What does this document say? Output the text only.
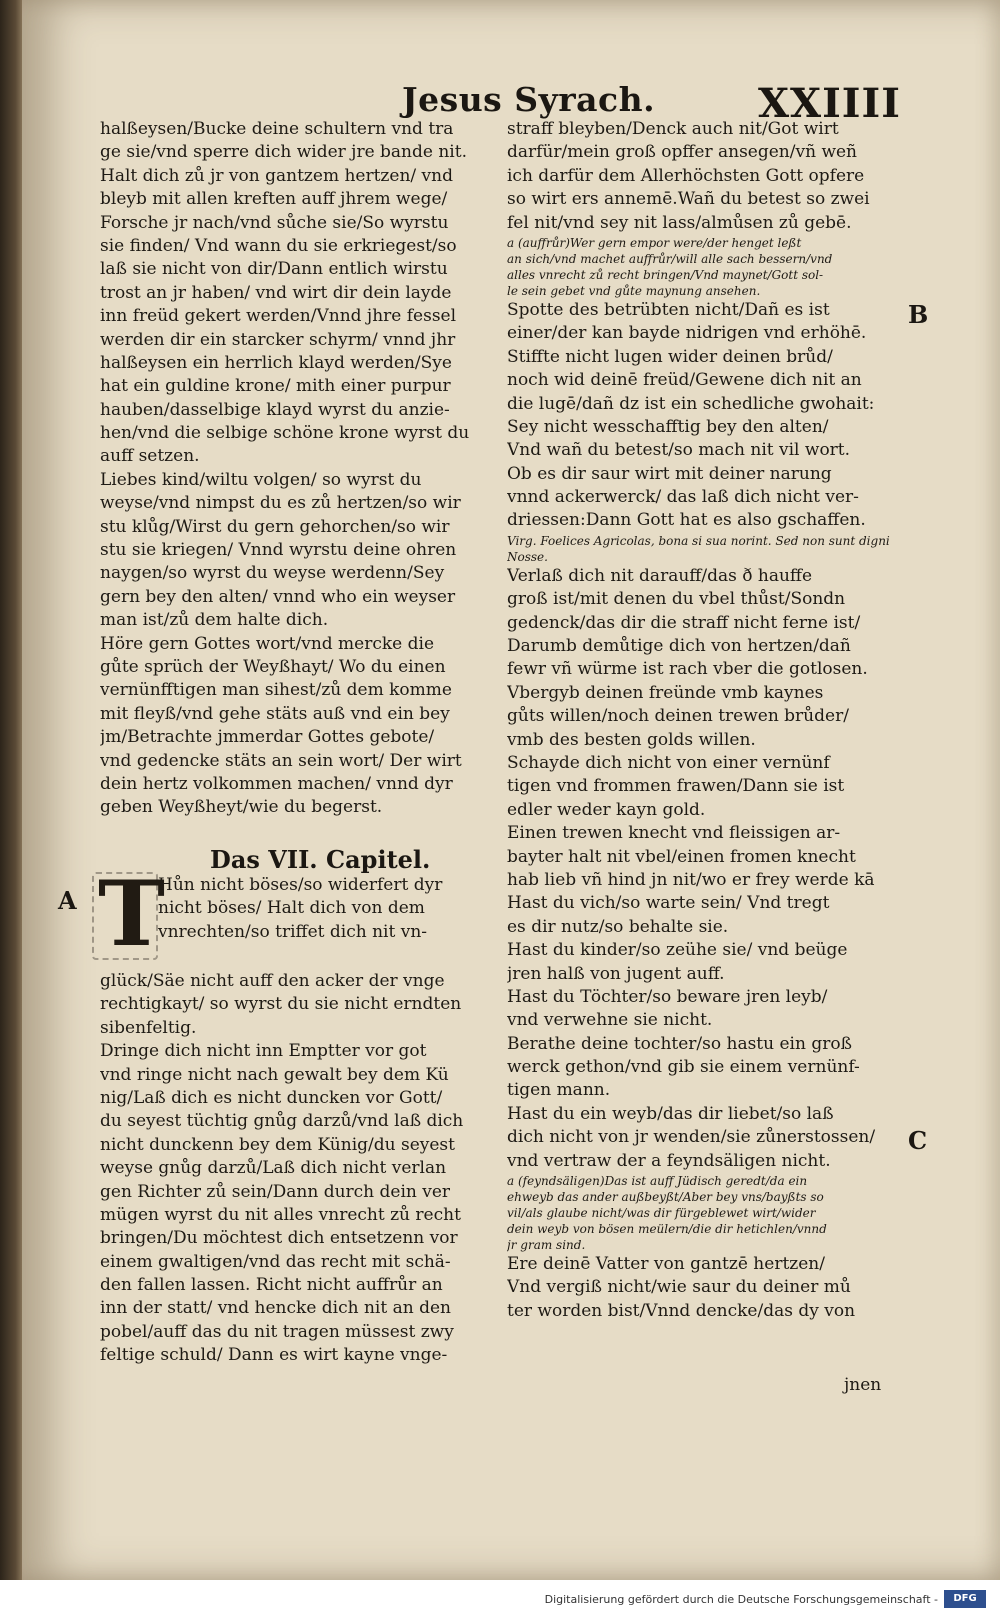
Jesus Syrach.	XXIIII
halßeysen/Bucke deine schultern vnd tra
ge sie/vnd sperre dich wider jre bande nit.
Halt dich zů jr von gantzem hertzen/ vnd
bleyb mit allen kreften auff jhrem wege/
Forsche jr nach/vnd sůche sie/So wyrstu
sie finden/ Vnd wann du sie erkriegest/so
laß sie nicht von dir/Dann entlich wirstu
trost an jr haben/ vnd wirt dir dein layde
inn freüd gekert werden/Vnnd jhre fessel
werden dir ein starcker schyrm/ vnnd jhr
halßeysen ein herrlich klayd werden/Sye
hat ein guldine krone/ mith einer purpur
hauben/dasselbige klayd wyrst du anzie-
hen/vnd die selbige schöne krone wyrst du
auff setzen.
Liebes kind/wiltu volgen/ so wyrst du
weyse/vnd nimpst du es zů hertzen/so wir
stu klůg/Wirst du gern gehorchen/so wir
stu sie kriegen/ Vnnd wyrstu deine ohren
naygen/so wyrst du weyse werdenn/Sey
gern bey den alten/ vnnd who ein weyser
man ist/zů dem halte dich.
Höre gern Gottes wort/vnd mercke die
gůte sprüch der Weyßhayt/ Wo du einen
vernünfftigen man sihest/zů dem komme
mit fleyß/vnd gehe stäts auß vnd ein bey
jm/Betrachte jmmerdar Gottes gebote/
vnd gedencke stäts an sein wort/ Der wirt
dein hertz volkommen machen/ vnnd dyr
geben Weyßheyt/wie du begerst.
Das VII. Capitel.
A T
Hůn nicht böses/so widerfert dyr
nicht böses/ Halt dich von dem
vnrechten/so triffet dich nit vn-
glück/Säe nicht auff den acker der vnge
rechtigkayt/ so wyrst du sie nicht erndten
sibenfeltig.
Dringe dich nicht inn Emptter vor got
vnd ringe nicht nach gewalt bey dem Kü
nig/Laß dich es nicht duncken vor Gott/
du seyest tüchtig gnůg darzů/vnd laß dich
nicht dunckenn bey dem Künig/du seyest
weyse gnůg darzů/Laß dich nicht verlan
gen Richter zů sein/Dann durch dein ver
mügen wyrst du nit alles vnrecht zů recht
bringen/Du möchtest dich entsetzenn vor
einem gwaltigen/vnd das recht mit schä-
den fallen lassen. Richt nicht auffrůr an
inn der statt/ vnd hencke dich nit an den
pobel/auff das du nit tragen müssest zwy
feltige schuld/ Dann es wirt kayne vnge-
straff bleyben/Denck auch nit/Got wirt
darfür/mein groß opffer ansegen/vñ weñ
ich darfür dem Allerhöchsten Gott opfere
so wirt ers annemē.Wañ du betest so zwei
fel nit/vnd sey nit lass/almůsen zů gebē.
a (auffrůr)Wer gern empor were/der henget leßt
an sich/vnd machet auffrůr/will alle sach bessern/vnd
alles vnrecht zů recht bringen/Vnd maynet/Gott sol-
le sein gebet vnd gůte maynung ansehen.
Spotte des betrübten nicht/Dañ es ist
einer/der kan bayde nidrigen vnd erhöhē.
Stiffte nicht lugen wider deinen brůd/
noch wid deinē freüd/Gewene dich nit an
die lugē/dañ dz ist ein schedliche gwohait:
Sey nicht wesschafftig bey den alten/
Vnd wañ du betest/so mach nit vil wort.
Ob es dir saur wirt mit deiner narung
vnnd ackerwerck/ das laß dich nicht ver-
driessen:Dann Gott hat es also gschaffen.
Virg. Foelices Agricolas, bona si sua norint. Sed non sunt digni
Nosse.
Verlaß dich nit darauff/das ð hauffe
groß ist/mit denen du vbel thůst/Sondn
gedenck/das dir die straff nicht ferne ist/
Darumb demůtige dich von hertzen/dañ
fewr vñ würme ist rach vber die gotlosen.
Vbergyb deinen freünde vmb kaynes
gůts willen/noch deinen trewen brůder/
vmb des besten golds willen.
Schayde dich nicht von einer vernünf
tigen vnd frommen frawen/Dann sie ist
edler weder kayn gold.
Einen trewen knecht vnd fleissigen ar-
bayter halt nit vbel/einen fromen knecht
hab lieb vñ hind jn nit/wo er frey werde kā
Hast du vich/so warte sein/ Vnd tregt
es dir nutz/so behalte sie.
Hast du kinder/so zeühe sie/ vnd beüge
jren halß von jugent auff.
Hast du Töchter/so beware jren leyb/
vnd verwehne sie nicht.
Berathe deine tochter/so hastu ein groß
werck gethon/vnd gib sie einem vernünf-
tigen mann.
Hast du ein weyb/das dir liebet/so laß
dich nicht von jr wenden/sie zůnerstossen/
vnd vertraw der a feyndsäligen nicht.
a (feyndsäligen)Das ist auff Jüdisch geredt/da ein
ehweyb das ander außbeyßt/Aber bey vns/bayßts so
vil/als glaube nicht/was dir fürgeblewet wirt/wider
dein weyb von bösen meülern/die dir hetichlen/vnnd
jr gram sind.
Ere deinē Vatter von gantzē hertzen/
Vnd vergiß nicht/wie saur du deiner mů
ter worden bist/Vnnd dencke/das dy von
B
C
jnen
Digitalisierung gefördert durch die Deutsche Forschungsgemeinschaft -	DFG
